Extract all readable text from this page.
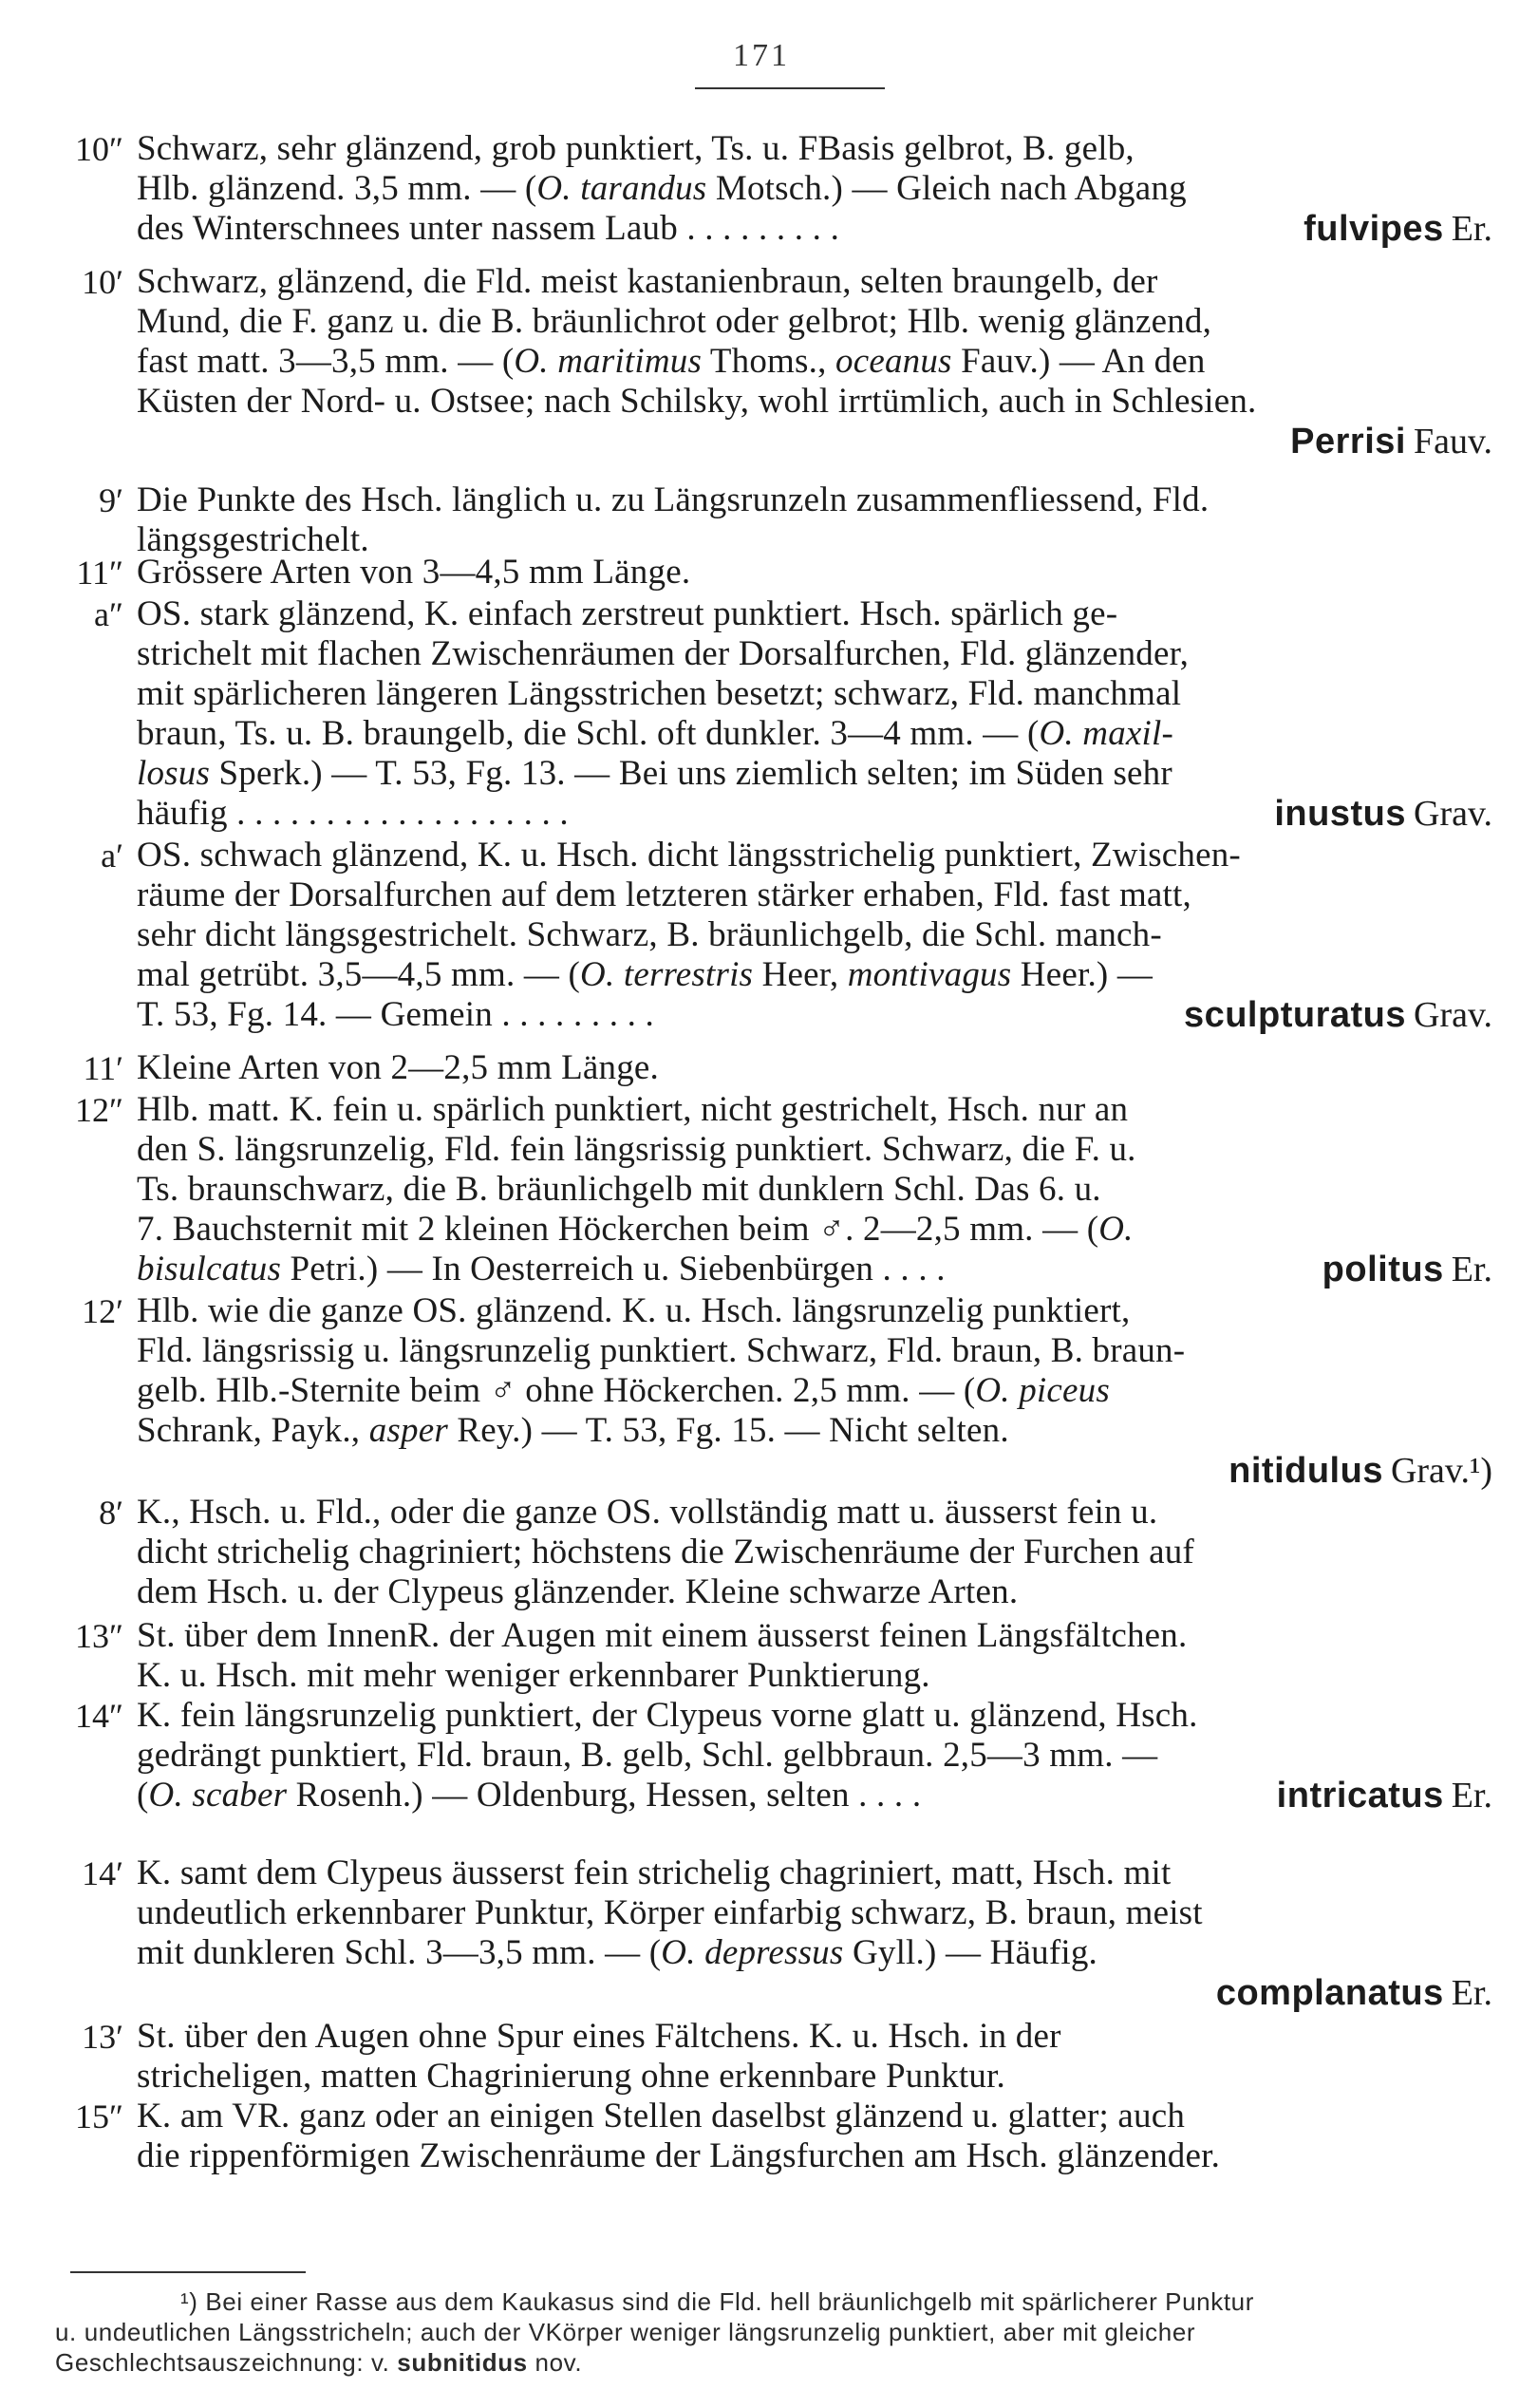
171
10″ Schwarz, sehr glänzend, grob punktiert, Ts. u. FBasis gelbrot, B. gelb,
Hlb. glänzend. 3,5 mm. — (O. tarandus Motsch.) — Gleich nach Abgang
des Winterschnees unter nassem Laub . . . . . . . . .	fulvipes Er.
10′ Schwarz, glänzend, die Fld. meist kastanienbraun, selten braungelb, der
Mund, die F. ganz u. die B. bräunlichrot oder gelbrot; Hlb. wenig glänzend,
fast matt. 3—3,5 mm. — (O. maritimus Thoms., oceanus Fauv.) — An den
Küsten der Nord- u. Ostsee; nach Schilsky, wohl irrtümlich, auch in Schlesien.
Perrisi Fauv.
9′ Die Punkte des Hsch. länglich u. zu Längsrunzeln zusammenfliessend, Fld.
längsgestrichelt.
11″ Grössere Arten von 3—4,5 mm Länge.
a″ OS. stark glänzend, K. einfach zerstreut punktiert. Hsch. spärlich ge-
strichelt mit flachen Zwischenräumen der Dorsalfurchen, Fld. glänzender,
mit spärlicheren längeren Längsstrichen besetzt; schwarz, Fld. manchmal
braun, Ts. u. B. braungelb, die Schl. oft dunkler. 3—4 mm. — (O. maxil-
losus Sperk.) — T. 53, Fg. 13. — Bei uns ziemlich selten; im Süden sehr
häufig . . . . . . . . . . . . . . . . . . .	inustus Grav.
a′ OS. schwach glänzend, K. u. Hsch. dicht längsstrichelig punktiert, Zwischen-
räume der Dorsalfurchen auf dem letzteren stärker erhaben, Fld. fast matt,
sehr dicht längsgestrichelt. Schwarz, B. bräunlichgelb, die Schl. manch-
mal getrübt. 3,5—4,5 mm. — (O. terrestris Heer, montivagus Heer.) —
T. 53, Fg. 14. — Gemein . . . . . . . . .	sculpturatus Grav.
11′ Kleine Arten von 2—2,5 mm Länge.
12″ Hlb. matt. K. fein u. spärlich punktiert, nicht gestrichelt, Hsch. nur an
den S. längsrunzelig, Fld. fein längsrissig punktiert. Schwarz, die F. u.
Ts. braunschwarz, die B. bräunlichgelb mit dunklern Schl. Das 6. u.
7. Bauchsternit mit 2 kleinen Höckerchen beim ♂. 2—2,5 mm. — (O.
bisulcatus Petri.) — In Oesterreich u. Siebenbürgen . . . .	politus Er.
12′ Hlb. wie die ganze OS. glänzend. K. u. Hsch. längsrunzelig punktiert,
Fld. längsrissig u. längsrunzelig punktiert. Schwarz, Fld. braun, B. braun-
gelb. Hlb.-Sternite beim ♂ ohne Höckerchen. 2,5 mm. — (O. piceus
Schrank, Payk., asper Rey.) — T. 53, Fg. 15. — Nicht selten.
nitidulus Grav.¹)
8′ K., Hsch. u. Fld., oder die ganze OS. vollständig matt u. äusserst fein u.
dicht strichelig chagriniert; höchstens die Zwischenräume der Furchen auf
dem Hsch. u. der Clypeus glänzender. Kleine schwarze Arten.
13″ St. über dem InnenR. der Augen mit einem äusserst feinen Längsfältchen.
K. u. Hsch. mit mehr weniger erkennbarer Punktierung.
14″ K. fein längsrunzelig punktiert, der Clypeus vorne glatt u. glänzend, Hsch.
gedrängt punktiert, Fld. braun, B. gelb, Schl. gelbbraun. 2,5—3 mm. —
(O. scaber Rosenh.) — Oldenburg, Hessen, selten . . . .	intricatus Er.
14′ K. samt dem Clypeus äusserst fein strichelig chagriniert, matt, Hsch. mit
undeutlich erkennbarer Punktur, Körper einfarbig schwarz, B. braun, meist
mit dunkleren Schl. 3—3,5 mm. — (O. depressus Gyll.) — Häufig.
complanatus Er.
13′ St. über den Augen ohne Spur eines Fältchens. K. u. Hsch. in der
stricheligen, matten Chagrinierung ohne erkennbare Punktur.
15″ K. am VR. ganz oder an einigen Stellen daselbst glänzend u. glatter; auch
die rippenförmigen Zwischenräume der Längsfurchen am Hsch. glänzender.
¹) Bei einer Rasse aus dem Kaukasus sind die Fld. hell bräunlichgelb mit spärlicherer Punktur
u. undeutlichen Längsstricheln; auch der VKörper weniger längsrunzelig punktiert, aber mit gleicher
Geschlechtsauszeichnung: v. subnitidus nov.
